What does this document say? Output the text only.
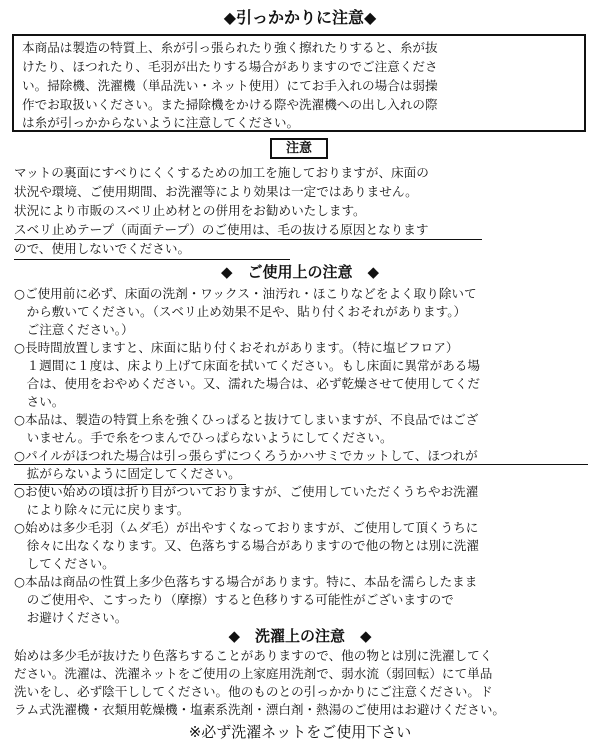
◆引っかかりに注意◆
本商品は製造の特質上、糸が引っ張られたり強く擦れたりすると、糸が抜
けたり、ほつれたり、毛羽が出たりする場合がありますのでご注意くださ
い。掃除機、洗濯機（単品洗い・ネット使用）にてお手入れの場合は弱操
作でお取扱いください。また掃除機をかける際や洗濯機への出し入れの際
は糸が引っかからないように注意してください。
注意
マットの裏面にすべりにくくするための加工を施しておりますが、床面の
状況や環境、ご使用期間、お洗濯等により効果は一定ではありません。
状況により市販のスベリ止め材との併用をお勧めいたします。
スベリ止めテープ（両面テープ）のご使用は、毛の抜ける原因となります
ので、使用しないでください。
◆　ご使用上の注意　◆
○ご使用前に必ず、床面の洗剤・ワックス・油汚れ・ほこりなどをよく取り除いて
　から敷いてください。（スベリ止め効果不足や、貼り付くおそれがあります。）
　ご注意ください。）
○長時間放置しますと、床面に貼り付くおそれがあります。（特に塩ビフロア）
　１週間に１度は、床より上げて床面を拭いてください。もし床面に異常がある場
　合は、使用をおやめください。又、濡れた場合は、必ず乾燥させて使用してくだ
　さい。
○本品は、製造の特質上糸を強くひっぱると抜けてしまいますが、不良品ではござ
　いません。手で糸をつまんでひっぱらないようにしてください。
○パイルがほつれた場合は引っ張らずにつくろうかハサミでカットして、ほつれが
　拡がらないように固定してください。
○お使い始めの頃は折り目がついておりますが、ご使用していただくうちやお洗濯
　により除々に元に戻ります。
○始めは多少毛羽（ムダ毛）が出やすくなっておりますが、ご使用して頂くうちに
　徐々に出なくなります。又、色落ちする場合がありますので他の物とは別に洗濯
　してください。
○本品は商品の性質上多少色落ちする場合があります。特に、本品を濡らしたまま
　のご使用や、こすったり（摩擦）すると色移りする可能性がございますので
　お避けください。
◆　洗濯上の注意　◆
始めは多少毛が抜けたり色落ちすることがありますので、他の物とは別に洗濯してく
ださい。洗濯は、洗濯ネットをご使用の上家庭用洗剤で、弱水流（弱回転）にて単品
洗いをし、必ず陰干ししてください。他のものとの引っかかりにご注意ください。ド
ラム式洗濯機・衣類用乾燥機・塩素系洗剤・漂白剤・熱湯のご使用はお避けください。
※必ず洗濯ネットをご使用下さい
